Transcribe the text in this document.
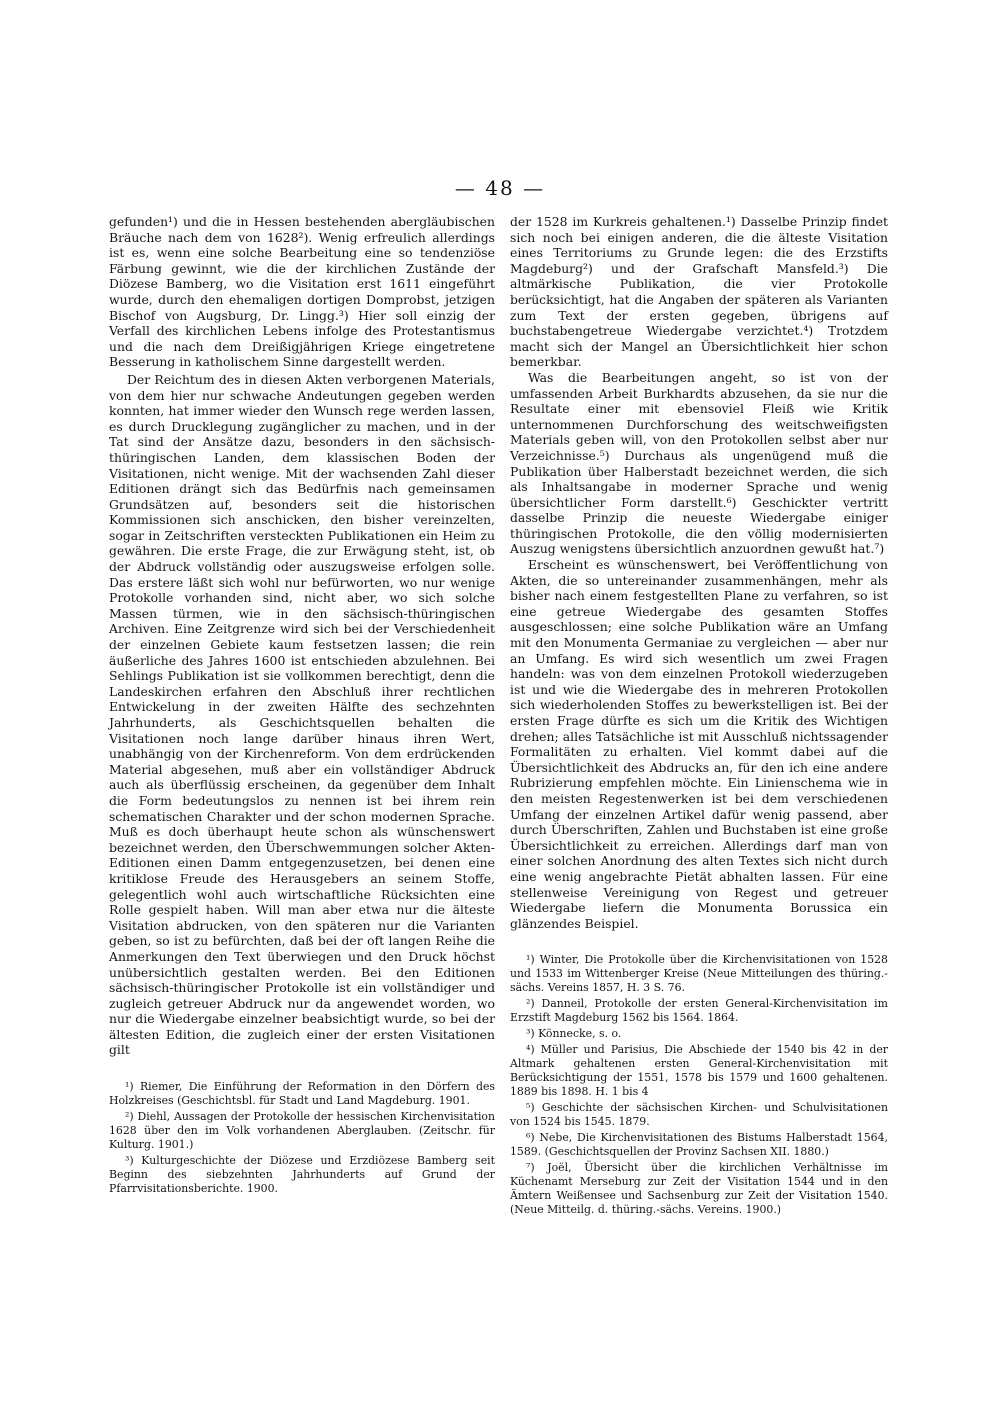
— 48 —

gefunden¹) und die in Hessen bestehenden abergläubischen Bräuche nach dem von 1628²). Wenig erfreulich allerdings ist es, wenn eine solche Bearbeitung eine so tendenziöse Färbung gewinnt, wie die der kirchlichen Zustände der Diözese Bamberg, wo die Visitation erst 1611 eingeführt wurde, durch den ehemaligen dortigen Domprobst, jetzigen Bischof von Augsburg, Dr. Lingg.³) Hier soll einzig der Verfall des kirchlichen Lebens infolge des Protestantismus und die nach dem Dreißigjährigen Kriege eingetretene Besserung in katholischem Sinne dargestellt werden.

Der Reichtum des in diesen Akten verborgenen Materials, von dem hier nur schwache Andeutungen gegeben werden konnten, hat immer wieder den Wunsch rege werden lassen, es durch Drucklegung zugänglicher zu machen, und in der Tat sind der Ansätze dazu, besonders in den sächsisch-thüringischen Landen, dem klassischen Boden der Visitationen, nicht wenige. Mit der wachsenden Zahl dieser Editionen drängt sich das Bedürfnis nach gemeinsamen Grundsätzen auf, besonders seit die historischen Kommissionen sich anschicken, den bisher vereinzelten, sogar in Zeitschriften versteckten Publikationen ein Heim zu gewähren. Die erste Frage, die zur Erwägung steht, ist, ob der Abdruck vollständig oder auszugsweise erfolgen solle. Das erstere läßt sich wohl nur befürworten, wo nur wenige Protokolle vorhanden sind, nicht aber, wo sich solche Massen türmen, wie in den sächsisch-thüringischen Archiven. Eine Zeitgrenze wird sich bei der Verschiedenheit der einzelnen Gebiete kaum festsetzen lassen; die rein äußerliche des Jahres 1600 ist entschieden abzulehnen. Bei Sehlings Publikation ist sie vollkommen berechtigt, denn die Landeskirchen erfahren den Abschluß ihrer rechtlichen Entwickelung in der zweiten Hälfte des sechzehnten Jahrhunderts, als Geschichtsquellen behalten die Visitationen noch lange darüber hinaus ihren Wert, unabhängig von der Kirchenreform. Von dem erdrückenden Material abgesehen, muß aber ein vollständiger Abdruck auch als überflüssig erscheinen, da gegenüber dem Inhalt die Form bedeutungslos zu nennen ist bei ihrem rein schematischen Charakter und der schon modernen Sprache. Muß es doch überhaupt heute schon als wünschenswert bezeichnet werden, den Überschwemmungen solcher Akten-Editionen einen Damm entgegenzusetzen, bei denen eine kritiklose Freude des Herausgebers an seinem Stoffe, gelegentlich wohl auch wirtschaftliche Rücksichten eine Rolle gespielt haben. Will man aber etwa nur die älteste Visitation abdrucken, von den späteren nur die Varianten geben, so ist zu befürchten, daß bei der oft langen Reihe die Anmerkungen den Text überwiegen und den Druck höchst unübersichtlich gestalten werden. Bei den Editionen sächsisch-thüringischer Protokolle ist ein vollständiger und zugleich getreuer Abdruck nur da angewendet worden, wo nur die Wiedergabe einzelner beabsichtigt wurde, so bei der ältesten Edition, die zugleich einer der ersten Visitationen gilt

¹) Riemer, Die Einführung der Reformation in den Dörfern des Holzkreises (Geschichtsbl. für Stadt und Land Magdeburg. 1901.

²) Diehl, Aussagen der Protokolle der hessischen Kirchenvisitation 1628 über den im Volk vorhandenen Aberglauben. (Zeitschr. für Kulturg. 1901.)

³) Kulturgeschichte der Diözese und Erzdiözese Bamberg seit Beginn des siebzehnten Jahrhunderts auf Grund der Pfarrvisitationsberichte. 1900.

der 1528 im Kurkreis gehaltenen.¹) Dasselbe Prinzip findet sich noch bei einigen anderen, die die älteste Visitation eines Territoriums zu Grunde legen: die des Erzstifts Magdeburg²) und der Grafschaft Mansfeld.³) Die altmärkische Publikation, die vier Protokolle berücksichtigt, hat die Angaben der späteren als Varianten zum Text der ersten gegeben, übrigens auf buchstabengetreue Wiedergabe verzichtet.⁴) Trotzdem macht sich der Mangel an Übersichtlichkeit hier schon bemerkbar.

Was die Bearbeitungen angeht, so ist von der umfassenden Arbeit Burkhardts abzusehen, da sie nur die Resultate einer mit ebensoviel Fleiß wie Kritik unternommenen Durchforschung des weitschweifigsten Materials geben will, von den Protokollen selbst aber nur Verzeichnisse.⁵) Durchaus als ungenügend muß die Publikation über Halberstadt bezeichnet werden, die sich als Inhaltsangabe in moderner Sprache und wenig übersichtlicher Form darstellt.⁶) Geschickter vertritt dasselbe Prinzip die neueste Wiedergabe einiger thüringischen Protokolle, die den völlig modernisierten Auszug wenigstens übersichtlich anzuordnen gewußt hat.⁷)

Erscheint es wünschenswert, bei Veröffentlichung von Akten, die so untereinander zusammenhängen, mehr als bisher nach einem festgestellten Plane zu verfahren, so ist eine getreue Wiedergabe des gesamten Stoffes ausgeschlossen; eine solche Publikation wäre an Umfang mit den Monumenta Germaniae zu vergleichen — aber nur an Umfang. Es wird sich wesentlich um zwei Fragen handeln: was von dem einzelnen Protokoll wiederzugeben ist und wie die Wiedergabe des in mehreren Protokollen sich wiederholenden Stoffes zu bewerkstelligen ist. Bei der ersten Frage dürfte es sich um die Kritik des Wichtigen drehen; alles Tatsächliche ist mit Ausschluß nichtssagender Formalitäten zu erhalten. Viel kommt dabei auf die Übersichtlichkeit des Abdrucks an, für den ich eine andere Rubrizierung empfehlen möchte. Ein Linienschema wie in den meisten Regestenwerken ist bei dem verschiedenen Umfang der einzelnen Artikel dafür wenig passend, aber durch Überschriften, Zahlen und Buchstaben ist eine große Übersichtlichkeit zu erreichen. Allerdings darf man von einer solchen Anordnung des alten Textes sich nicht durch eine wenig angebrachte Pietät abhalten lassen. Für eine stellenweise Vereinigung von Regest und getreuer Wiedergabe liefern die Monumenta Borussica ein glänzendes Beispiel.

¹) Winter, Die Protokolle über die Kirchenvisitationen von 1528 und 1533 im Wittenberger Kreise (Neue Mitteilungen des thüring.-sächs. Vereins 1857, H. 3 S. 76.

²) Danneil, Protokolle der ersten General-Kirchenvisitation im Erzstift Magdeburg 1562 bis 1564. 1864.

³) Könnecke, s. o.

⁴) Müller und Parisius, Die Abschiede der 1540 bis 42 in der Altmark gehaltenen ersten General-Kirchenvisitation mit Berücksichtigung der 1551, 1578 bis 1579 und 1600 gehaltenen. 1889 bis 1898. H. 1 bis 4

⁵) Geschichte der sächsischen Kirchen- und Schulvisitationen von 1524 bis 1545. 1879.

⁶) Nebe, Die Kirchenvisitationen des Bistums Halberstadt 1564, 1589. (Geschichtsquellen der Provinz Sachsen XII. 1880.)

⁷) Joël, Übersicht über die kirchlichen Verhältnisse im Küchenamt Merseburg zur Zeit der Visitation 1544 und in den Ämtern Weißensee und Sachsenburg zur Zeit der Visitation 1540. (Neue Mitteilg. d. thüring.-sächs. Vereins. 1900.)
